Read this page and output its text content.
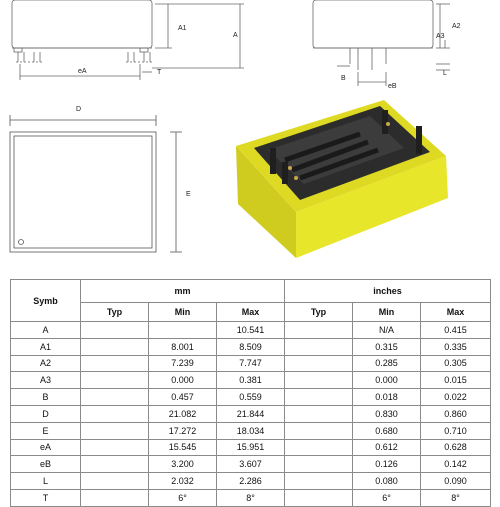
A1
A
eA	T
A2
A3
B
eB
L
D
E
Symb	mm			inches		
	Typ	Min	Max	Typ	Min	Max
A			10.541		N/A	0.415
A1		8.001	8.509		0.315	0.335
A2		7.239	7.747		0.285	0.305
A3		0.000	0.381		0.000	0.015
B		0.457	0.559		0.018	0.022
D		21.082	21.844		0.830	0.860
E		17.272	18.034		0.680	0.710
eA		15.545	15.951		0.612	0.628
eB		3.200	3.607		0.126	0.142
L		2.032	2.286		0.080	0.090
T		6°	8°		6°	8°
